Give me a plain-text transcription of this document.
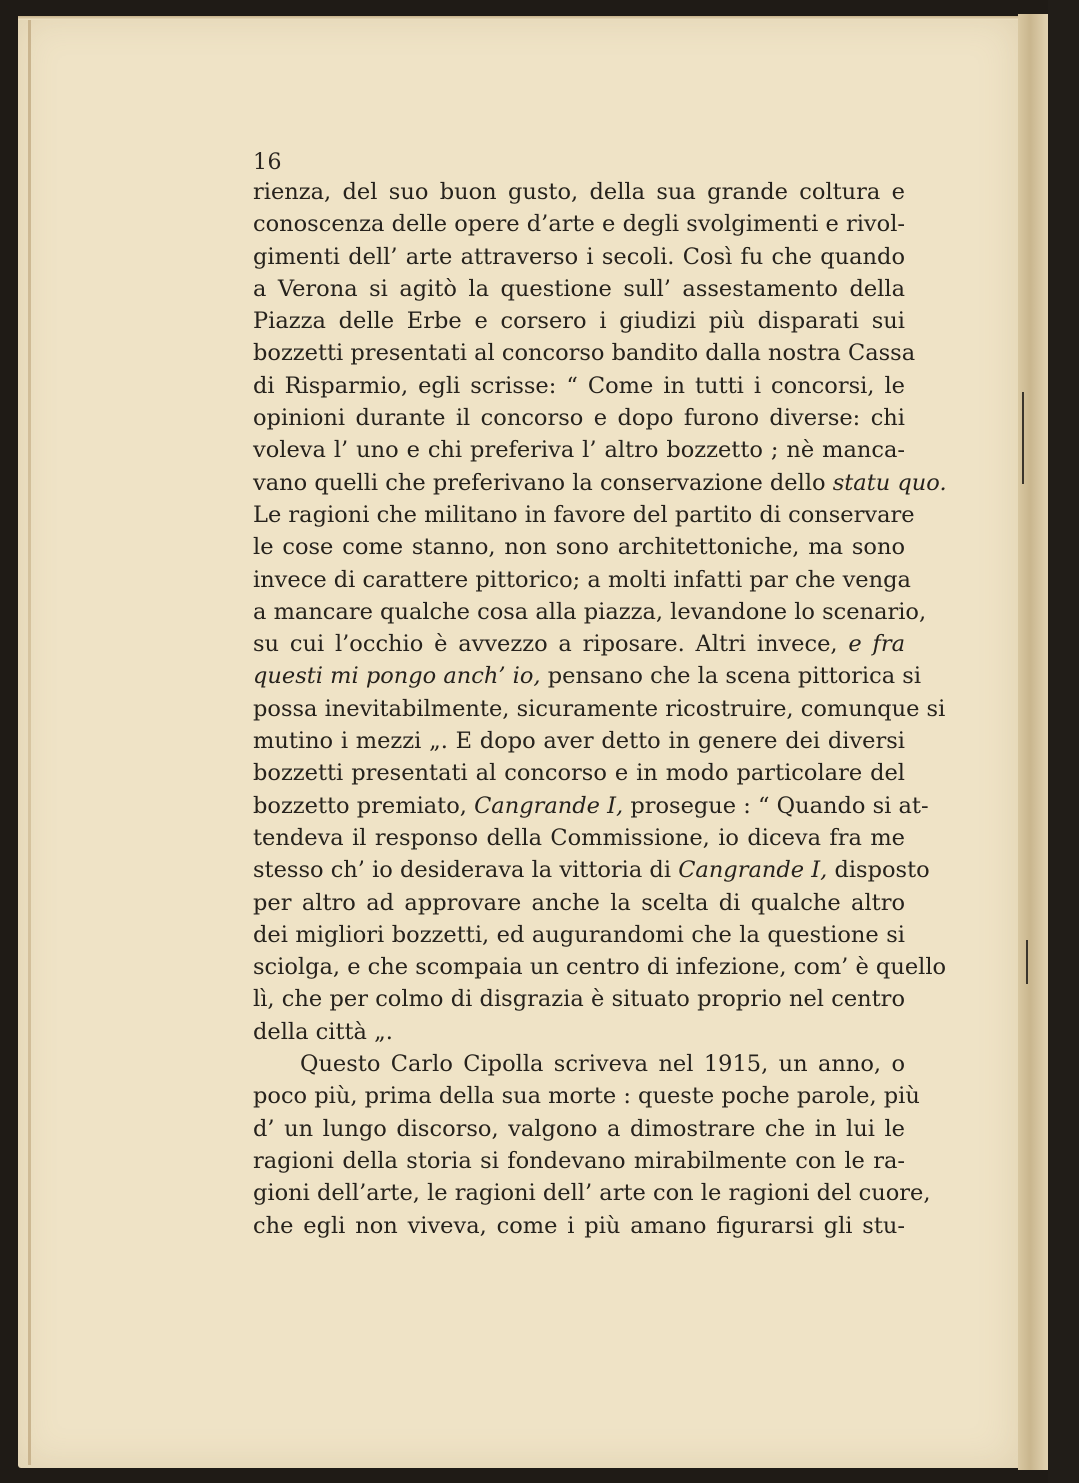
16
rienza, del suo buon gusto, della sua grande coltura e
conoscenza delle opere d’arte e degli svolgimenti e rivol-
gimenti dell’ arte attraverso i secoli. Così fu che quando
a Verona si agitò la questione sull’ assestamento della
Piazza delle Erbe e corsero i giudizi più disparati sui
bozzetti presentati al concorso bandito dalla nostra Cassa
di Risparmio, egli scrisse: “ Come in tutti i concorsi, le
opinioni durante il concorso e dopo furono diverse: chi
voleva l’ uno e chi preferiva l’ altro bozzetto ; nè manca-
vano quelli che preferivano la conservazione dello statu quo.
Le ragioni che militano in favore del partito di conservare
le cose come stanno, non sono architettoniche, ma sono
invece di carattere pittorico; a molti infatti par che venga
a mancare qualche cosa alla piazza, levandone lo scenario,
su cui l’occhio è avvezzo a riposare. Altri invece, e fra
questi mi pongo anch’ io, pensano che la scena pittorica si
possa inevitabilmente, sicuramente ricostruire, comunque si
mutino i mezzi „. E dopo aver detto in genere dei diversi
bozzetti presentati al concorso e in modo particolare del
bozzetto premiato, Cangrande I, prosegue : “ Quando si at-
tendeva il responso della Commissione, io diceva fra me
stesso ch’ io desiderava la vittoria di Cangrande I, disposto
per altro ad approvare anche la scelta di qualche altro
dei migliori bozzetti, ed augurandomi che la questione si
sciolga, e che scompaia un centro di infezione, com’ è quello
lì, che per colmo di disgrazia è situato proprio nel centro
della città „.
Questo Carlo Cipolla scriveva nel 1915, un anno, o
poco più, prima della sua morte : queste poche parole, più
d’ un lungo discorso, valgono a dimostrare che in lui le
ragioni della storia si fondevano mirabilmente con le ra-
gioni dell’arte, le ragioni dell’ arte con le ragioni del cuore,
che egli non viveva, come i più amano figurarsi gli stu-
